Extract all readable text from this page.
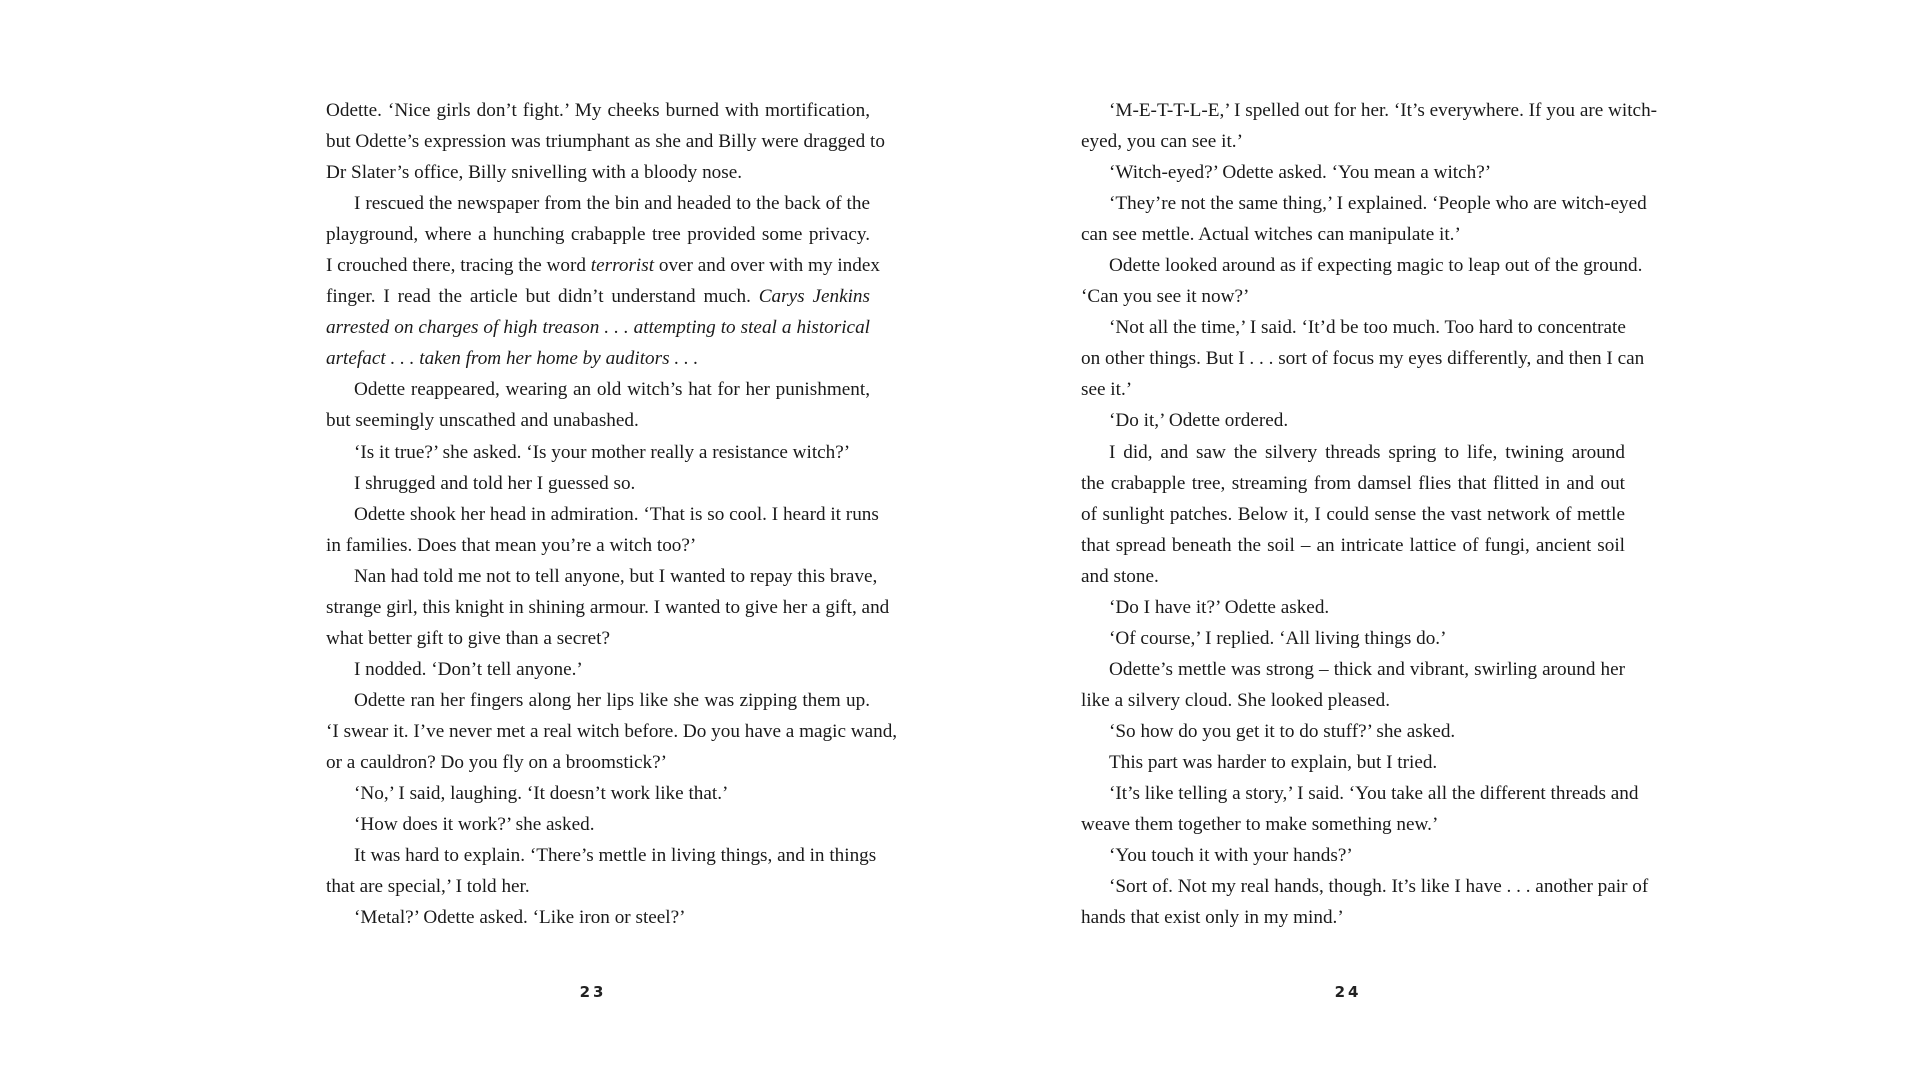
Odette. ‘Nice girls don’t fight.’ My cheeks burned with mortification,
but Odette’s expression was triumphant as she and Billy were dragged to
Dr Slater’s office, Billy snivelling with a bloody nose.
I rescued the newspaper from the bin and headed to the back of the
playground, where a hunching crabapple tree provided some privacy.
I crouched there, tracing the word terrorist over and over with my index
finger. I read the article but didn’t understand much. Carys Jenkins
arrested on charges of high treason . . . attempting to steal a historical
artefact . . . taken from her home by auditors . . .
Odette reappeared, wearing an old witch’s hat for her punishment,
but seemingly unscathed and unabashed.
‘Is it true?’ she asked. ‘Is your mother really a resistance witch?’
I shrugged and told her I guessed so.
Odette shook her head in admiration. ‘That is so cool. I heard it runs
in families. Does that mean you’re a witch too?’
Nan had told me not to tell anyone, but I wanted to repay this brave,
strange girl, this knight in shining armour. I wanted to give her a gift, and
what better gift to give than a secret?
I nodded. ‘Don’t tell anyone.’
Odette ran her fingers along her lips like she was zipping them up.
‘I swear it. I’ve never met a real witch before. Do you have a magic wand,
or a cauldron? Do you fly on a broomstick?’
‘No,’ I said, laughing. ‘It doesn’t work like that.’
‘How does it work?’ she asked.
It was hard to explain. ‘There’s mettle in living things, and in things
that are special,’ I told her.
‘Metal?’ Odette asked. ‘Like iron or steel?’
‘M-E-T-T-L-E,’ I spelled out for her. ‘It’s everywhere. If you are witch-
eyed, you can see it.’
‘Witch-eyed?’ Odette asked. ‘You mean a witch?’
‘They’re not the same thing,’ I explained. ‘People who are witch-eyed
can see mettle. Actual witches can manipulate it.’
Odette looked around as if expecting magic to leap out of the ground.
‘Can you see it now?’
‘Not all the time,’ I said. ‘It’d be too much. Too hard to concentrate
on other things. But I . . . sort of focus my eyes differently, and then I can
see it.’
‘Do it,’ Odette ordered.
I did, and saw the silvery threads spring to life, twining around
the crabapple tree, streaming from damsel flies that flitted in and out
of sunlight patches. Below it, I could sense the vast network of mettle
that spread beneath the soil – an intricate lattice of fungi, ancient soil
and stone.
‘Do I have it?’ Odette asked.
‘Of course,’ I replied. ‘All living things do.’
Odette’s mettle was strong – thick and vibrant, swirling around her
like a silvery cloud. She looked pleased.
‘So how do you get it to do stuff?’ she asked.
This part was harder to explain, but I tried.
‘It’s like telling a story,’ I said. ‘You take all the different threads and
weave them together to make something new.’
‘You touch it with your hands?’
‘Sort of. Not my real hands, though. It’s like I have . . . another pair of
hands that exist only in my mind.’
23	24
